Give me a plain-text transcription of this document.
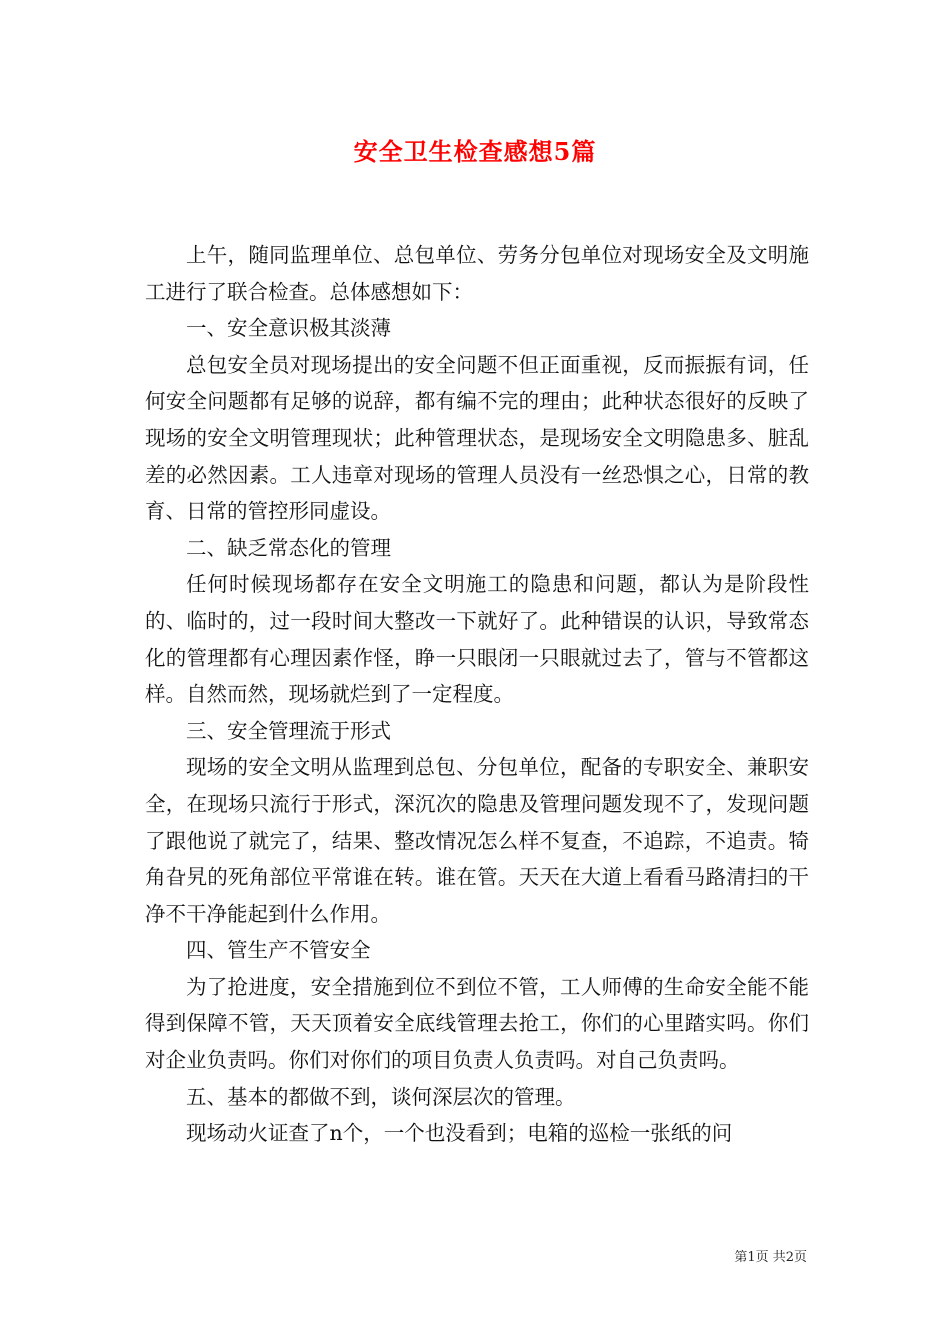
安全卫生检查感想5篇

上午，随同监理单位、总包单位、劳务分包单位对现场安全及文明施工进行了联合检查。总体感想如下：

一、安全意识极其淡薄

总包安全员对现场提出的安全问题不但正面重视，反而振振有词，任何安全问题都有足够的说辞，都有编不完的理由；此种状态很好的反映了现场的安全文明管理现状；此种管理状态，是现场安全文明隐患多、脏乱差的必然因素。工人违章对现场的管理人员没有一丝恐惧之心，日常的教育、日常的管控形同虚设。

二、缺乏常态化的管理

任何时候现场都存在安全文明施工的隐患和问题，都认为是阶段性的、临时的，过一段时间大整改一下就好了。此种错误的认识，导致常态化的管理都有心理因素作怪，睁一只眼闭一只眼就过去了，管与不管都这样。自然而然，现场就烂到了一定程度。

三、安全管理流于形式

现场的安全文明从监理到总包、分包单位，配备的专职安全、兼职安全，在现场只流行于形式，深沉次的隐患及管理问题发现不了，发现问题了跟他说了就完了，结果、整改情况怎么样不复查，不追踪，不追责。犄角旮旯的死角部位平常谁在转。谁在管。天天在大道上看看马路清扫的干净不干净能起到什么作用。

四、管生产不管安全

为了抢进度，安全措施到位不到位不管，工人师傅的生命安全能不能得到保障不管，天天顶着安全底线管理去抢工，你们的心里踏实吗。你们对企业负责吗。你们对你们的项目负责人负责吗。对自己负责吗。

五、基本的都做不到，谈何深层次的管理。

现场动火证查了n个，一个也没看到；电箱的巡检一张纸的问

第1页 共2页
